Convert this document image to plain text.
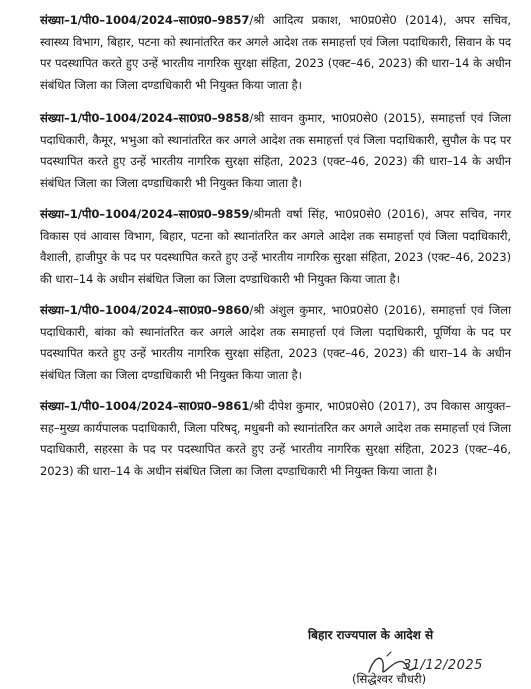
संख्या–1/पी0–1004/2024–सा0प्र0–9857/श्री आदित्य प्रकाश, भा0प्र0से0 (2014), अपर सचिव, स्वास्थ्य विभाग, बिहार, पटना को स्थानांतरित कर अगले आदेश तक समाहर्त्ता एवं जिला पदाधिकारी, सिवान के पद पर पदस्थापित करते हुए उन्हें भारतीय नागरिक सुरक्षा संहिता, 2023 (एक्ट–46, 2023) की धारा–14 के अधीन संबंधित जिला का जिला दण्डाधिकारी भी नियुक्त किया जाता है।

संख्या–1/पी0–1004/2024–सा0प्र0–9858/श्री सावन कुमार, भा0प्र0से0 (2015), समाहर्त्ता एवं जिला पदाधिकारी, कैमूर, भभुआ को स्थानांतरित कर अगले आदेश तक समाहर्त्ता एवं जिला पदाधिकारी, सुपौल के पद पर पदस्थापित करते हुए उन्हें भारतीय नागरिक सुरक्षा संहिता, 2023 (एक्ट–46, 2023) की धारा–14 के अधीन संबंधित जिला का जिला दण्डाधिकारी भी नियुक्त किया जाता है।

संख्या–1/पी0–1004/2024–सा0प्र0–9859/श्रीमती वर्षा सिंह, भा0प्र0से0 (2016), अपर सचिव, नगर विकास एवं आवास विभाग, बिहार, पटना को स्थानांतरित कर अगले आदेश तक समाहर्त्ता एवं जिला पदाधिकारी, वैशाली, हाजीपुर के पद पर पदस्थापित करते हुए उन्हें भारतीय नागरिक सुरक्षा संहिता, 2023 (एक्ट–46, 2023) की धारा–14 के अधीन संबंधित जिला का जिला दण्डाधिकारी भी नियुक्त किया जाता है।

संख्या–1/पी0–1004/2024–सा0प्र0–9860/श्री अंशुल कुमार, भा0प्र0से0 (2016), समाहर्त्ता एवं जिला पदाधिकारी, बांका को स्थानांतरित कर अगले आदेश तक समाहर्त्ता एवं जिला पदाधिकारी, पूर्णिया के पद पर पदस्थापित करते हुए उन्हें भारतीय नागरिक सुरक्षा संहिता, 2023 (एक्ट–46, 2023) की धारा–14 के अधीन संबंधित जिला का जिला दण्डाधिकारी भी नियुक्त किया जाता है।

संख्या–1/पी0–1004/2024–सा0प्र0–9861/श्री दीपेश कुमार, भा0प्र0से0 (2017), उप विकास आयुक्त–सह–मुख्य कार्यपालक पदाधिकारी, जिला परिषद्, मधुबनी को स्थानांतरित कर अगले आदेश तक समाहर्त्ता एवं जिला पदाधिकारी, सहरसा के पद पर पदस्थापित करते हुए उन्हें भारतीय नागरिक सुरक्षा संहिता, 2023 (एक्ट–46, 2023) की धारा–14 के अधीन संबंधित जिला का जिला दण्डाधिकारी भी नियुक्त किया जाता है।

बिहार राज्यपाल के आदेश से
31/12/2025
(सिद्धेश्वर चौधरी)
